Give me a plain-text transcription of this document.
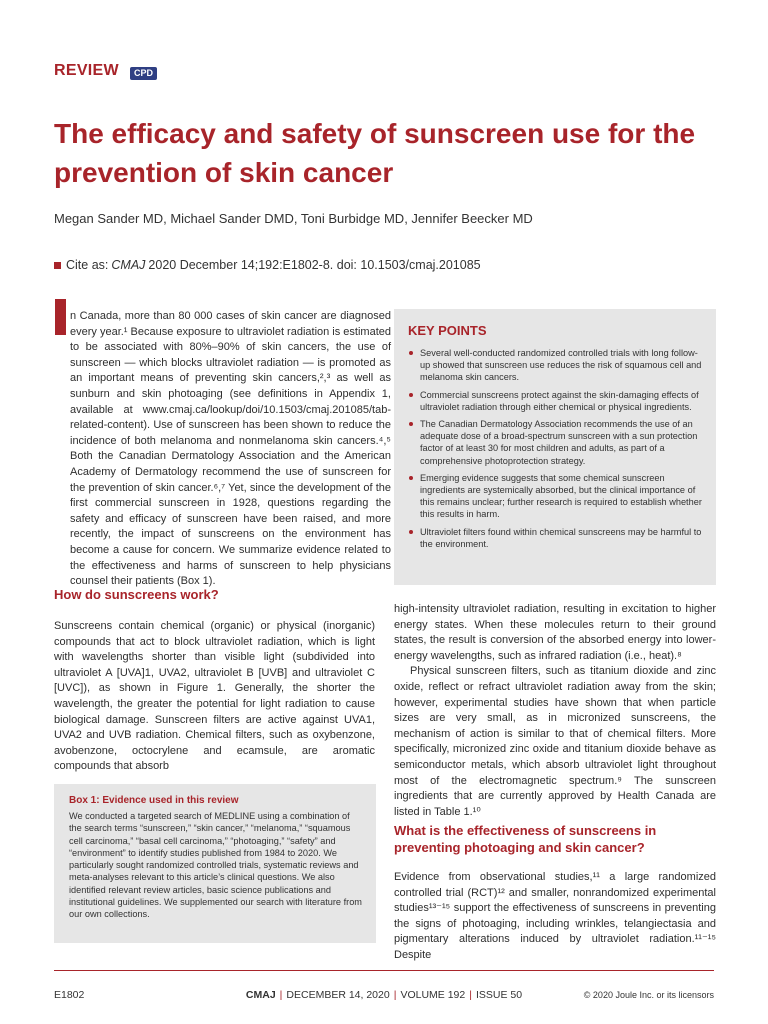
REVIEW	CPD
The efficacy and safety of sunscreen use for the prevention of skin cancer
Megan Sander MD, Michael Sander DMD, Toni Burbidge MD, Jennifer Beecker MD
Cite as: CMAJ 2020 December 14;192:E1802-8. doi: 10.1503/cmaj.201085

n Canada, more than 80 000 cases of skin cancer are diagnosed every year.¹ Because exposure to ultraviolet radiation is estimated to be associated with 80%–90% of skin cancers, the use of sunscreen — which blocks ultraviolet radiation — is promoted as an important means of preventing skin cancers,²,³ as well as sunburn and skin photoaging (see definitions in Appendix 1, available at www.cmaj.ca/lookup/doi/10.1503/cmaj.201085/tab-related-content). Use of sunscreen has been shown to reduce the incidence of both melanoma and nonmelanoma skin cancers.⁴,⁵ Both the Canadian Dermatology Association and the American Academy of Dermatology recommend the use of sunscreen for the prevention of skin cancer.⁶,⁷ Yet, since the development of the first commercial sunscreen in 1928, questions regarding the safety and efficacy of sunscreen have been raised, and more recently, the impact of sunscreens on the environment has become a cause for concern. We summarize evidence related to the effectiveness and harms of sunscreen to help physicians counsel their patients (Box 1).

How do sunscreens work?

Sunscreens contain chemical (organic) or physical (inorganic) compounds that act to block ultraviolet radiation, which is light with wavelengths shorter than visible light (subdivided into ultraviolet A [UVA]1, UVA2, ultraviolet B [UVB] and ultraviolet C [UVC]), as shown in Figure 1. Generally, the shorter the wavelength, the greater the potential for light radiation to cause biological damage. Sunscreen filters are active against UVA1, UVA2 and UVB radiation. Chemical filters, such as oxybenzone, avobenzone, octocrylene and ecamsule, are aromatic compounds that absorb

KEY POINTS
Several well-conducted randomized controlled trials with long follow-up showed that sunscreen use reduces the risk of squamous cell and melanoma skin cancers.
Commercial sunscreens protect against the skin-damaging effects of ultraviolet radiation through either chemical or physical ingredients.
The Canadian Dermatology Association recommends the use of an adequate dose of a broad-spectrum sunscreen with a sun protection factor of at least 30 for most children and adults, as part of a comprehensive photoprotection strategy.
Emerging evidence suggests that some chemical sunscreen ingredients are systemically absorbed, but the clinical importance of this remains unclear; further research is required to establish whether this results in harm.
Ultraviolet filters found within chemical sunscreens may be harmful to the environment.

high-intensity ultraviolet radiation, resulting in excitation to higher energy states. When these molecules return to their ground states, the result is conversion of the absorbed energy into lower-energy wavelengths, such as infrared radiation (i.e., heat).⁸

Physical sunscreen filters, such as titanium dioxide and zinc oxide, reflect or refract ultraviolet radiation away from the skin; however, experimental studies have shown that when particle sizes are very small, as in micronized sunscreens, the mechanism of action is similar to that of chemical filters. More specifically, micronized zinc oxide and titanium dioxide behave as semiconductor metals, which absorb ultraviolet light throughout most of the electromagnetic spectrum.⁹ The sunscreen ingredients that are currently approved by Health Canada are listed in Table 1.¹⁰

What is the effectiveness of sunscreens in preventing photoaging and skin cancer?

Evidence from observational studies,¹¹ a large randomized controlled trial (RCT)¹² and smaller, nonrandomized experimental studies¹³⁻¹⁵ support the effectiveness of sunscreens in preventing the signs of photoaging, including wrinkles, telangiectasia and pigmentary alterations induced by ultraviolet radiation.¹¹⁻¹⁵ Despite

Box 1: Evidence used in this review

We conducted a targeted search of MEDLINE using a combination of the search terms “sunscreen,” “skin cancer,” “melanoma,” “squamous cell carcinoma,” “basal cell carcinoma,” “photoaging,” “safety” and “environment” to identify studies published from 1984 to 2020. We particularly sought randomized controlled trials, systematic reviews and meta-analyses relevant to this article’s clinical questions. We also identified relevant review articles, basic science publications and institutional guidelines. We supplemented our search with literature from our own collections.

E1802	CMAJ | DECEMBER 14, 2020 | VOLUME 192 | ISSUE 50	© 2020 Joule Inc. or its licensors
